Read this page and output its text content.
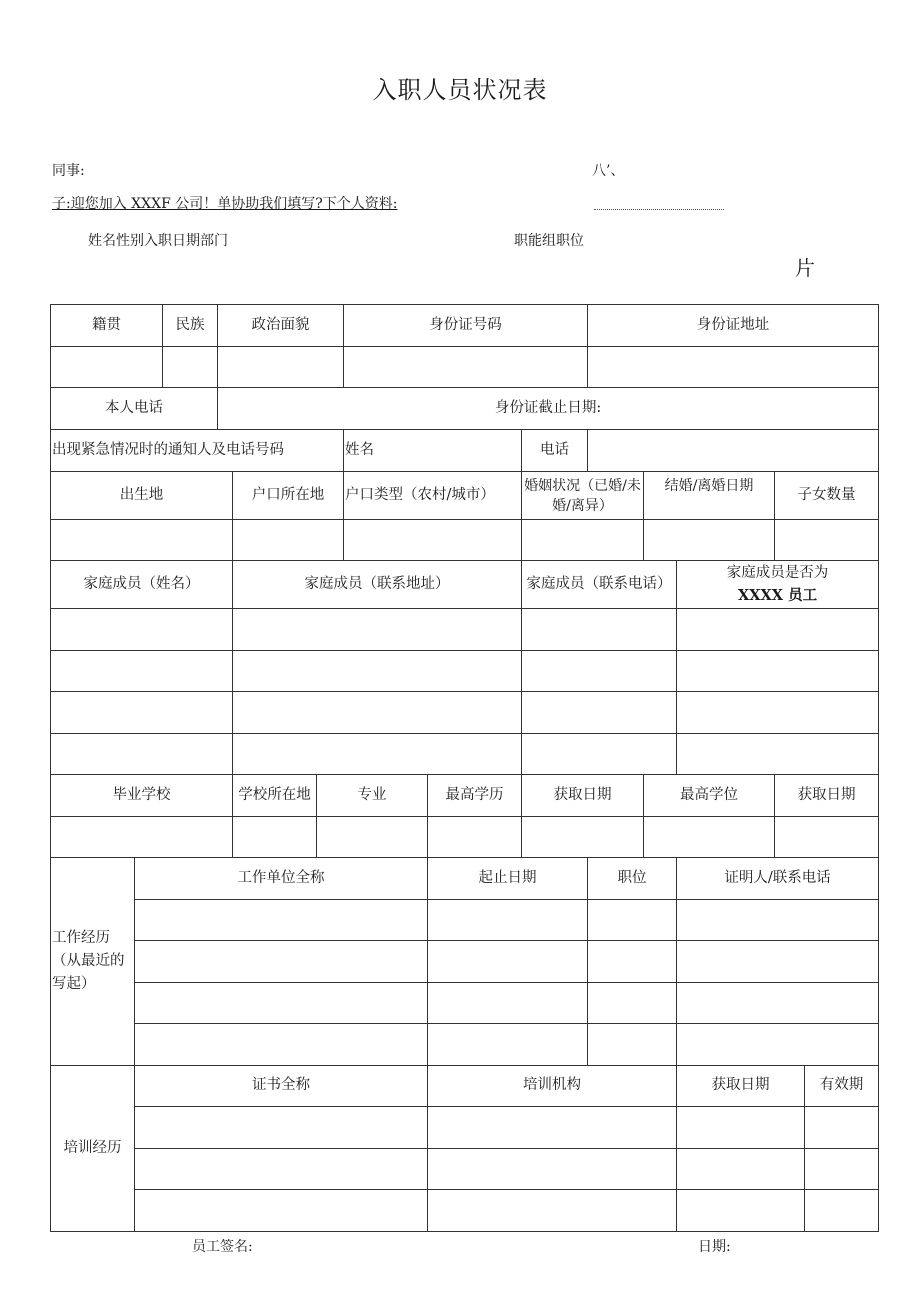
入职人员状况表
同事:	八’、
子:迎您加入 XXXF 公司！单协助我们填写?下个人资料:
姓名性别入职日期部门	职能组职位
片
籍贯		民族	政治面貌			身份证号码			身份证地址				

本人电话			身份证截止日期:										
出现紧急情况时的通知人及电话号码						姓名		电话					
出生地				户口所在地		户口类型（农村/城市）		婚姻状况（已婚/未婚/离异）		结婚/离婚日期		子女数量	

家庭成员（姓名）				家庭成员（联系地址）				家庭成员（联系电话）			家庭成员是否为
XXXX 员工		

毕业学校				学校所在地	专业		最高学历	获取日期		最高学位		获取日期	

工作经历（从最近的写起）	工作单位全称						起止日期		职位		证明人/联系电话		

培训经历	证书全称						培训机构				获取日期		有效期

员工签名:	日期:
